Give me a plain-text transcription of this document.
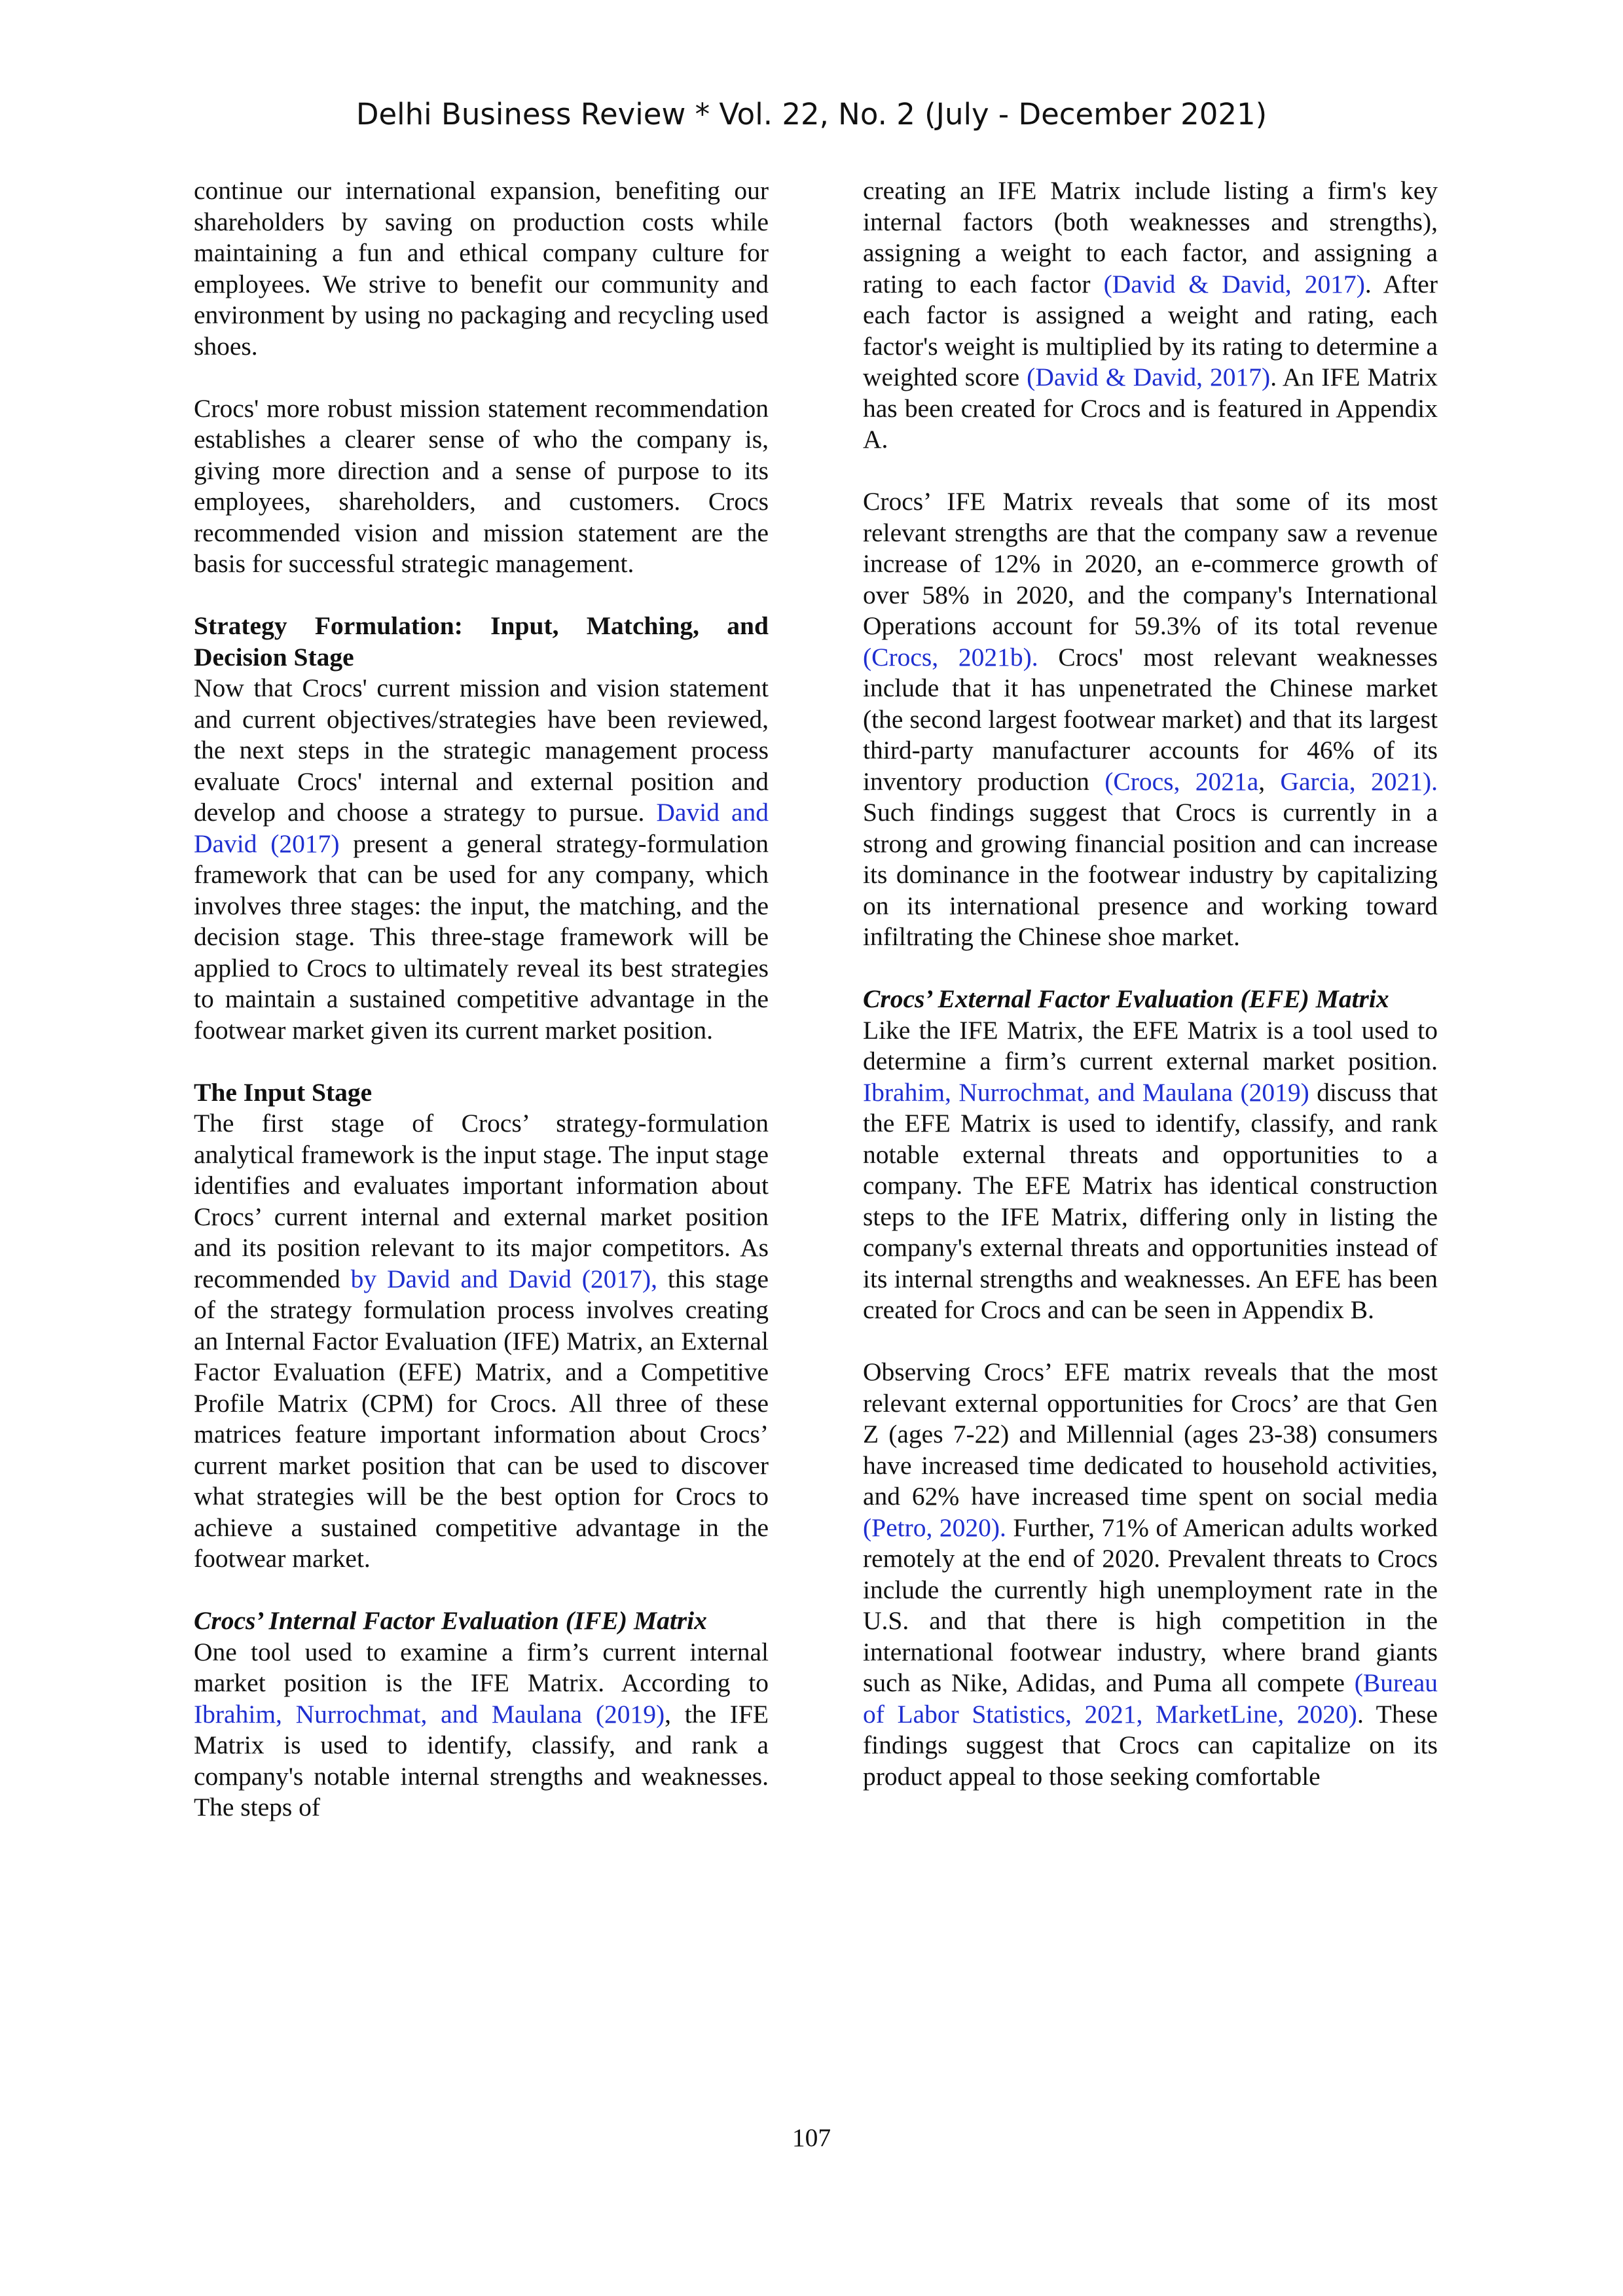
Delhi Business Review * Vol. 22, No. 2 (July - December 2021)

continue our international expansion, benefiting our shareholders by saving on production costs while maintaining a fun and ethical company culture for employees. We strive to benefit our community and environment by using no packaging and recycling used shoes.

Crocs' more robust mission statement recommendation establishes a clearer sense of who the company is, giving more direction and a sense of purpose to its employees, shareholders, and customers. Crocs recommended vision and mission statement are the basis for successful strategic management.

Strategy Formulation: Input, Matching, and Decision Stage

Now that Crocs' current mission and vision statement and current objectives/strategies have been reviewed, the next steps in the strategic management process evaluate Crocs' internal and external position and develop and choose a strategy to pursue. David and David (2017) present a general strategy-formulation framework that can be used for any company, which involves three stages: the input, the matching, and the decision stage. This three-stage framework will be applied to Crocs to ultimately reveal its best strategies to maintain a sustained competitive advantage in the footwear market given its current market position.

The Input Stage

The first stage of Crocs’ strategy-formulation analytical framework is the input stage. The input stage identifies and evaluates important information about Crocs’ current internal and external market position and its position relevant to its major competitors. As recommended by David and David (2017), this stage of the strategy formulation process involves creating an Internal Factor Evaluation (IFE) Matrix, an External Factor Evaluation (EFE) Matrix, and a Competitive Profile Matrix (CPM) for Crocs. All three of these matrices feature important information about Crocs’ current market position that can be used to discover what strategies will be the best option for Crocs to achieve a sustained competitive advantage in the footwear market.

Crocs’ Internal Factor Evaluation (IFE) Matrix

One tool used to examine a firm’s current internal market position is the IFE Matrix. According to Ibrahim, Nurrochmat, and Maulana (2019), the IFE Matrix is used to identify, classify, and rank a company's notable internal strengths and weaknesses. The steps of

creating an IFE Matrix include listing a firm's key internal factors (both weaknesses and strengths), assigning a weight to each factor, and assigning a rating to each factor (David & David, 2017). After each factor is assigned a weight and rating, each factor's weight is multiplied by its rating to determine a weighted score (David & David, 2017). An IFE Matrix has been created for Crocs and is featured in Appendix A.

Crocs’ IFE Matrix reveals that some of its most relevant strengths are that the company saw a revenue increase of 12% in 2020, an e-commerce growth of over 58% in 2020, and the company's International Operations account for 59.3% of its total revenue (Crocs, 2021b). Crocs' most relevant weaknesses include that it has unpenetrated the Chinese market (the second largest footwear market) and that its largest third-party manufacturer accounts for 46% of its inventory production (Crocs, 2021a, Garcia, 2021). Such findings suggest that Crocs is currently in a strong and growing financial position and can increase its dominance in the footwear industry by capitalizing on its international presence and working toward infiltrating the Chinese shoe market.

Crocs’ External Factor Evaluation (EFE) Matrix

Like the IFE Matrix, the EFE Matrix is a tool used to determine a firm’s current external market position. Ibrahim, Nurrochmat, and Maulana (2019) discuss that the EFE Matrix is used to identify, classify, and rank notable external threats and opportunities to a company. The EFE Matrix has identical construction steps to the IFE Matrix, differing only in listing the company's external threats and opportunities instead of its internal strengths and weaknesses. An EFE has been created for Crocs and can be seen in Appendix B.

Observing Crocs’ EFE matrix reveals that the most relevant external opportunities for Crocs’ are that Gen Z (ages 7-22) and Millennial (ages 23-38) consumers have increased time dedicated to household activities, and 62% have increased time spent on social media (Petro, 2020). Further, 71% of American adults worked remotely at the end of 2020. Prevalent threats to Crocs include the currently high unemployment rate in the U.S. and that there is high competition in the international footwear industry, where brand giants such as Nike, Adidas, and Puma all compete (Bureau of Labor Statistics, 2021, MarketLine, 2020). These findings suggest that Crocs can capitalize on its product appeal to those seeking comfortable

107
